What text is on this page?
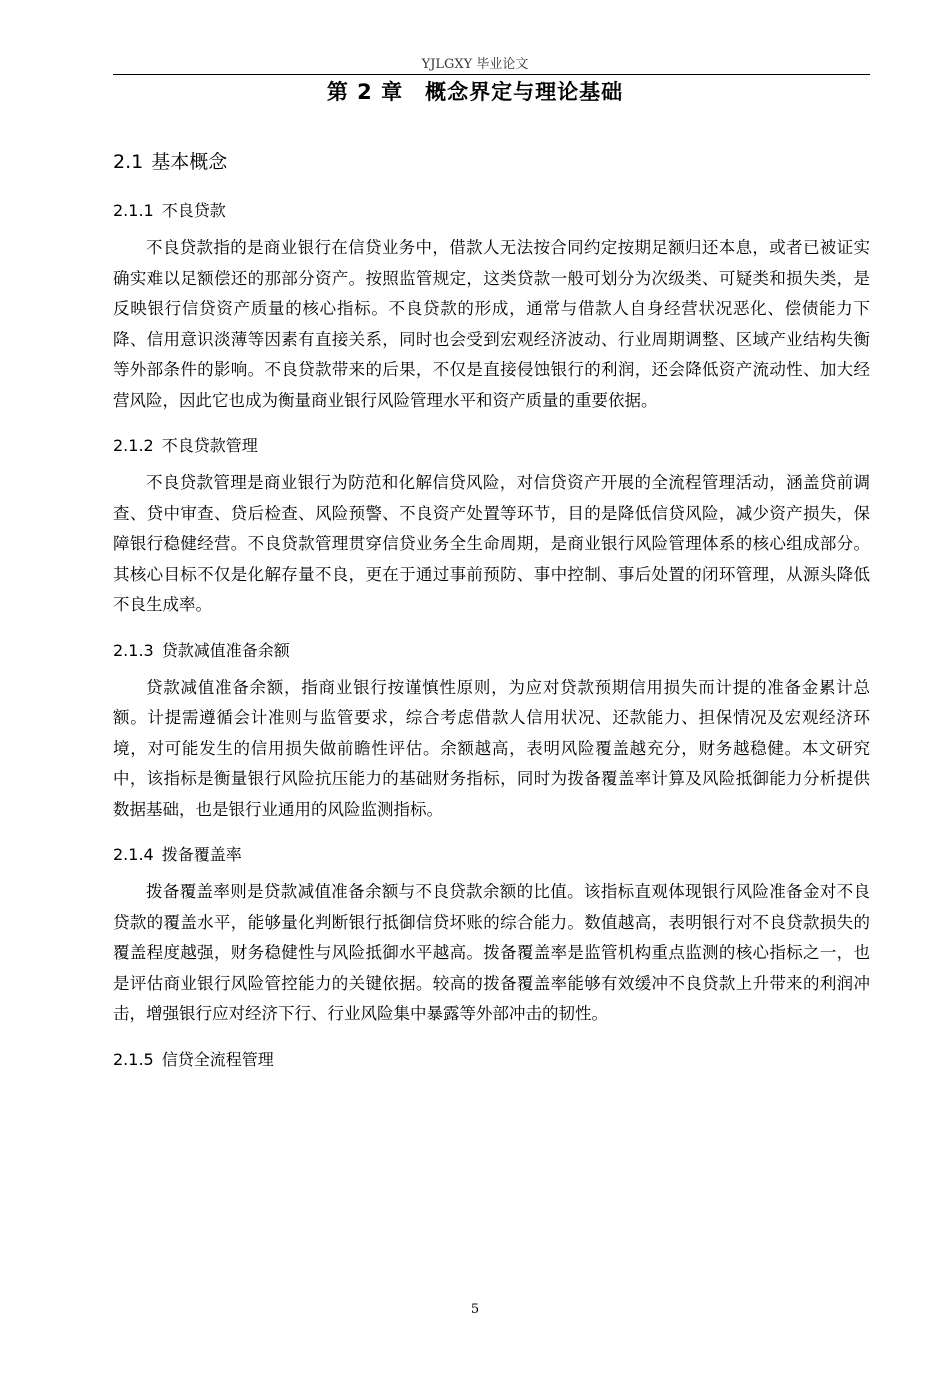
YJLGXY 毕业论文
第 2 章　概念界定与理论基础
2.1 基本概念
2.1.1 不良贷款

不良贷款指的是商业银行在信贷业务中，借款人无法按合同约定按期足额归还本息，或者已被证实确实难以足额偿还的那部分资产。按照监管规定，这类贷款一般可划分为次级类、可疑类和损失类，是反映银行信贷资产质量的核心指标。不良贷款的形成，通常与借款人自身经营状况恶化、偿债能力下降、信用意识淡薄等因素有直接关系，同时也会受到宏观经济波动、行业周期调整、区域产业结构失衡等外部条件的影响。不良贷款带来的后果，不仅是直接侵蚀银行的利润，还会降低资产流动性、加大经营风险，因此它也成为衡量商业银行风险管理水平和资产质量的重要依据。

2.1.2 不良贷款管理

不良贷款管理是商业银行为防范和化解信贷风险，对信贷资产开展的全流程管理活动，涵盖贷前调查、贷中审查、贷后检查、风险预警、不良资产处置等环节，目的是降低信贷风险，减少资产损失，保障银行稳健经营。不良贷款管理贯穿信贷业务全生命周期，是商业银行风险管理体系的核心组成部分。其核心目标不仅是化解存量不良，更在于通过事前预防、事中控制、事后处置的闭环管理，从源头降低不良生成率。

2.1.3 贷款减值准备余额

贷款减值准备余额，指商业银行按谨慎性原则，为应对贷款预期信用损失而计提的准备金累计总额。计提需遵循会计准则与监管要求，综合考虑借款人信用状况、还款能力、担保情况及宏观经济环境，对可能发生的信用损失做前瞻性评估。余额越高，表明风险覆盖越充分，财务越稳健。本文研究中，该指标是衡量银行风险抗压能力的基础财务指标，同时为拨备覆盖率计算及风险抵御能力分析提供数据基础，也是银行业通用的风险监测指标。

2.1.4 拨备覆盖率

拨备覆盖率则是贷款减值准备余额与不良贷款余额的比值。该指标直观体现银行风险准备金对不良贷款的覆盖水平，能够量化判断银行抵御信贷坏账的综合能力。数值越高，表明银行对不良贷款损失的覆盖程度越强，财务稳健性与风险抵御水平越高。拨备覆盖率是监管机构重点监测的核心指标之一，也是评估商业银行风险管控能力的关键依据。较高的拨备覆盖率能够有效缓冲不良贷款上升带来的利润冲击，增强银行应对经济下行、行业风险集中暴露等外部冲击的韧性。

2.1.5 信贷全流程管理
5
